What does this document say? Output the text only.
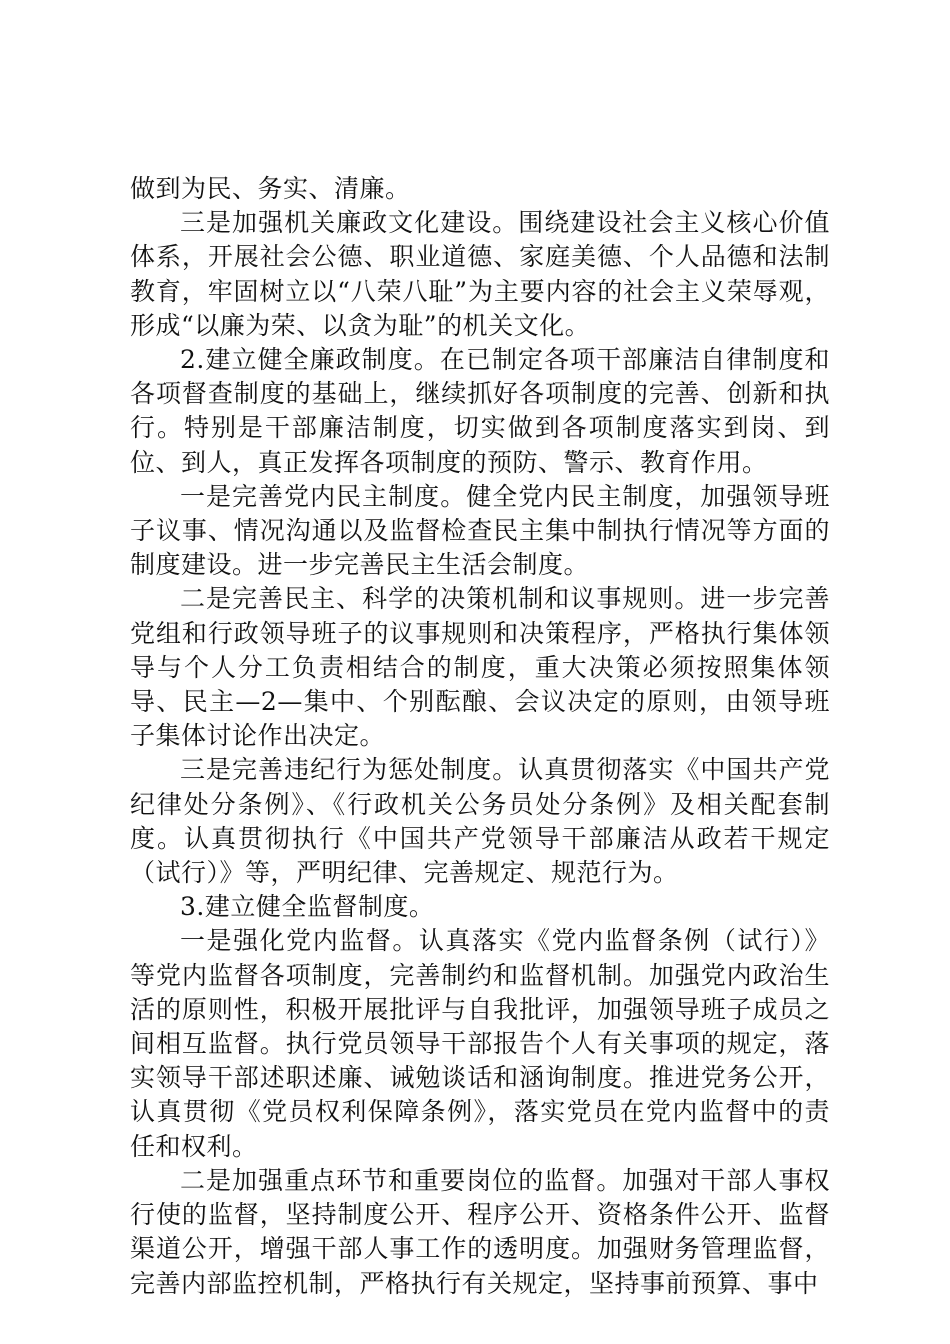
做到为民、务实、清廉。

三是加强机关廉政文化建设。围绕建设社会主义核心价值体系，开展社会公德、职业道德、家庭美德、个人品德和法制教育，牢固树立以“八荣八耻”为主要内容的社会主义荣辱观，形成“以廉为荣、以贪为耻”的机关文化。

2.建立健全廉政制度。在已制定各项干部廉洁自律制度和各项督查制度的基础上，继续抓好各项制度的完善、创新和执行。特别是干部廉洁制度，切实做到各项制度落实到岗、到位、到人，真正发挥各项制度的预防、警示、教育作用。

一是完善党内民主制度。健全党内民主制度，加强领导班子议事、情况沟通以及监督检查民主集中制执行情况等方面的制度建设。进一步完善民主生活会制度。

二是完善民主、科学的决策机制和议事规则。进一步完善党组和行政领导班子的议事规则和决策程序，严格执行集体领导与个人分工负责相结合的制度，重大决策必须按照集体领导、民主—2—集中、个别酝酿、会议决定的原则，由领导班子集体讨论作出决定。

三是完善违纪行为惩处制度。认真贯彻落实《中国共产党纪律处分条例》、《行政机关公务员处分条例》及相关配套制度。认真贯彻执行《中国共产党领导干部廉洁从政若干规定（试行）》等，严明纪律、完善规定、规范行为。

3.建立健全监督制度。

一是强化党内监督。认真落实《党内监督条例（试行）》等党内监督各项制度，完善制约和监督机制。加强党内政治生活的原则性，积极开展批评与自我批评，加强领导班子成员之间相互监督。执行党员领导干部报告个人有关事项的规定，落实领导干部述职述廉、诫勉谈话和涵询制度。推进党务公开，认真贯彻《党员权利保障条例》，落实党员在党内监督中的责任和权利。

二是加强重点环节和重要岗位的监督。加强对干部人事权行使的监督，坚持制度公开、程序公开、资格条件公开、监督渠道公开，增强干部人事工作的透明度。加强财务管理监督，完善内部监控机制，严格执行有关规定，坚持事前预算、事中
